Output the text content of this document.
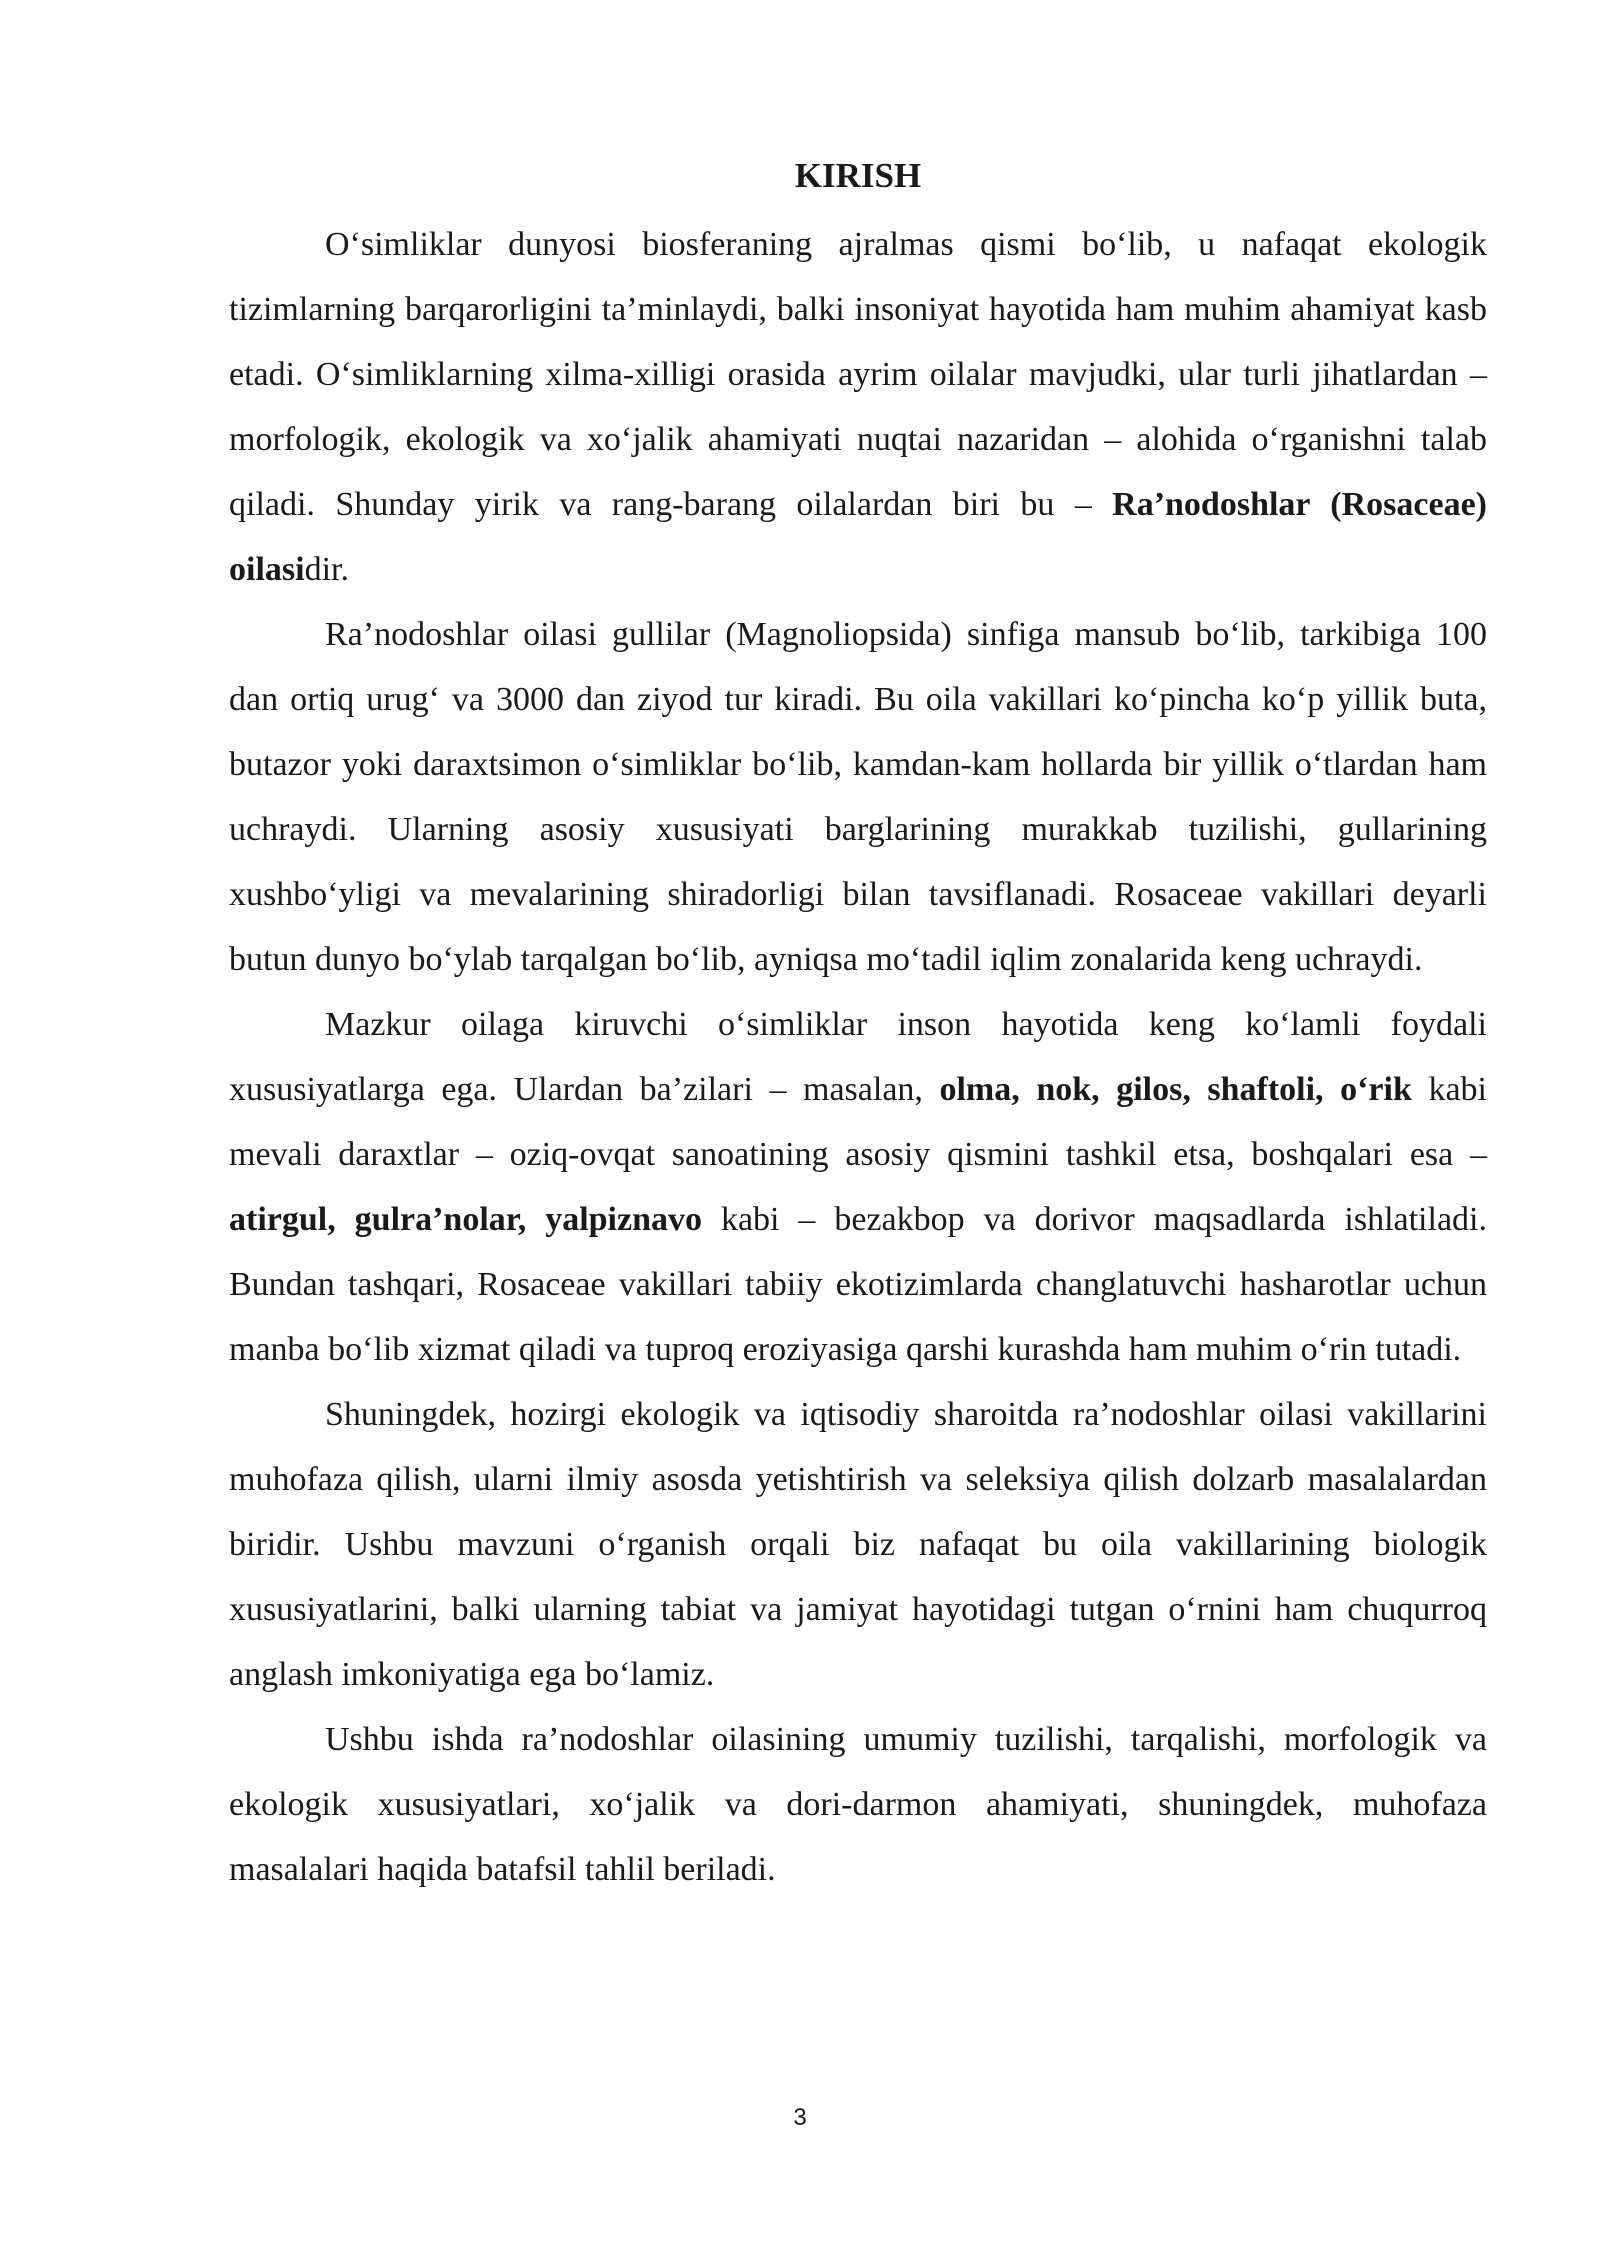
KIRISH

O‘simliklar dunyosi biosferaning ajralmas qismi bo‘lib, u nafaqat ekologik tizimlarning barqarorligini ta’minlaydi, balki insoniyat hayotida ham muhim ahamiyat kasb etadi. O‘simliklarning xilma-xilligi orasida ayrim oilalar mavjudki, ular turli jihatlardan – morfologik, ekologik va xo‘jalik ahamiyati nuqtai nazaridan – alohida o‘rganishni talab qiladi. Shunday yirik va rang-barang oilalardan biri bu – Ra’nodoshlar (Rosaceae) oilasidir.

Ra’nodoshlar oilasi gullilar (Magnoliopsida) sinfiga mansub bo‘lib, tarkibiga 100 dan ortiq urug‘ va 3000 dan ziyod tur kiradi. Bu oila vakillari ko‘pincha ko‘p yillik buta, butazor yoki daraxtsimon o‘simliklar bo‘lib, kamdan-kam hollarda bir yillik o‘tlardan ham uchraydi. Ularning asosiy xususiyati barglarining murakkab tuzilishi, gullarining xushbo‘yligi va mevalarining shiradorligi bilan tavsiflanadi. Rosaceae vakillari deyarli butun dunyo bo‘ylab tarqalgan bo‘lib, ayniqsa mo‘tadil iqlim zonalarida keng uchraydi.

Mazkur oilaga kiruvchi o‘simliklar inson hayotida keng ko‘lamli foydali xususiyatlarga ega. Ulardan ba’zilari – masalan, olma, nok, gilos, shaftoli, o‘rik kabi mevali daraxtlar – oziq-ovqat sanoatining asosiy qismini tashkil etsa, boshqalari esa – atirgul, gulra’nolar, yalpiznavo kabi – bezakbop va dorivor maqsadlarda ishlatiladi. Bundan tashqari, Rosaceae vakillari tabiiy ekotizimlarda changlatuvchi hasharotlar uchun manba bo‘lib xizmat qiladi va tuproq eroziyasiga qarshi kurashda ham muhim o‘rin tutadi.

Shuningdek, hozirgi ekologik va iqtisodiy sharoitda ra’nodoshlar oilasi vakillarini muhofaza qilish, ularni ilmiy asosda yetishtirish va seleksiya qilish dolzarb masalalardan biridir. Ushbu mavzuni o‘rganish orqali biz nafaqat bu oila vakillarining biologik xususiyatlarini, balki ularning tabiat va jamiyat hayotidagi tutgan o‘rnini ham chuqurroq anglash imkoniyatiga ega bo‘lamiz.

Ushbu ishda ra’nodoshlar oilasining umumiy tuzilishi, tarqalishi, morfologik va ekologik xususiyatlari, xo‘jalik va dori-darmon ahamiyati, shuningdek, muhofaza masalalari haqida batafsil tahlil beriladi.

3
